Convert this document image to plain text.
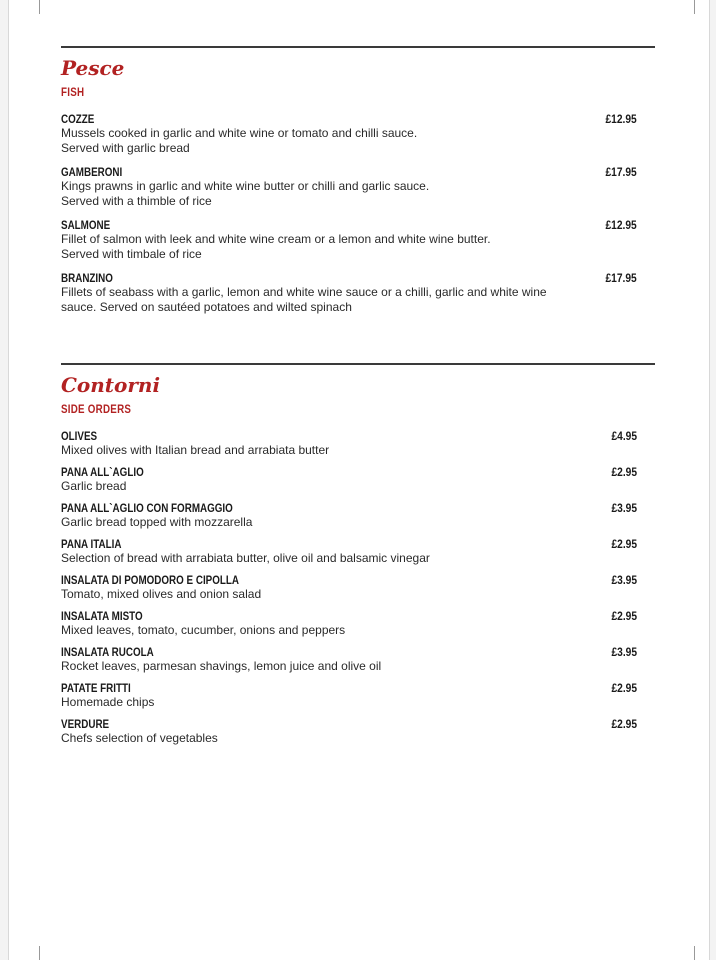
Pesce
FISH
COZZE	£12.95
Mussels cooked in garlic and white wine or tomato and chilli sauce.
Served with garlic bread
GAMBERONI	£17.95
Kings prawns in garlic and white wine butter or chilli and garlic sauce.
Served with a thimble of rice
SALMONE	£12.95
Fillet of salmon with leek and white wine cream or a lemon and white wine butter.
Served with timbale of rice
BRANZINO	£17.95
Fillets of seabass with a garlic, lemon and white wine sauce or a chilli, garlic and white wine
sauce. Served on sautéed potatoes and wilted spinach
Contorni
SIDE ORDERS
OLIVES	£4.95
Mixed olives with Italian bread and arrabiata butter
PANA ALL`AGLIO	£2.95
Garlic bread
PANA ALL`AGLIO CON FORMAGGIO	£3.95
Garlic bread topped with mozzarella
PANA ITALIA	£2.95
Selection of bread with arrabiata butter, olive oil and balsamic vinegar
INSALATA DI POMODORO E CIPOLLA	£3.95
Tomato, mixed olives and onion salad
INSALATA MISTO	£2.95
Mixed leaves, tomato, cucumber, onions and peppers
INSALATA RUCOLA	£3.95
Rocket leaves, parmesan shavings, lemon juice and olive oil
PATATE FRITTI	£2.95
Homemade chips
VERDURE	£2.95
Chefs selection of vegetables
